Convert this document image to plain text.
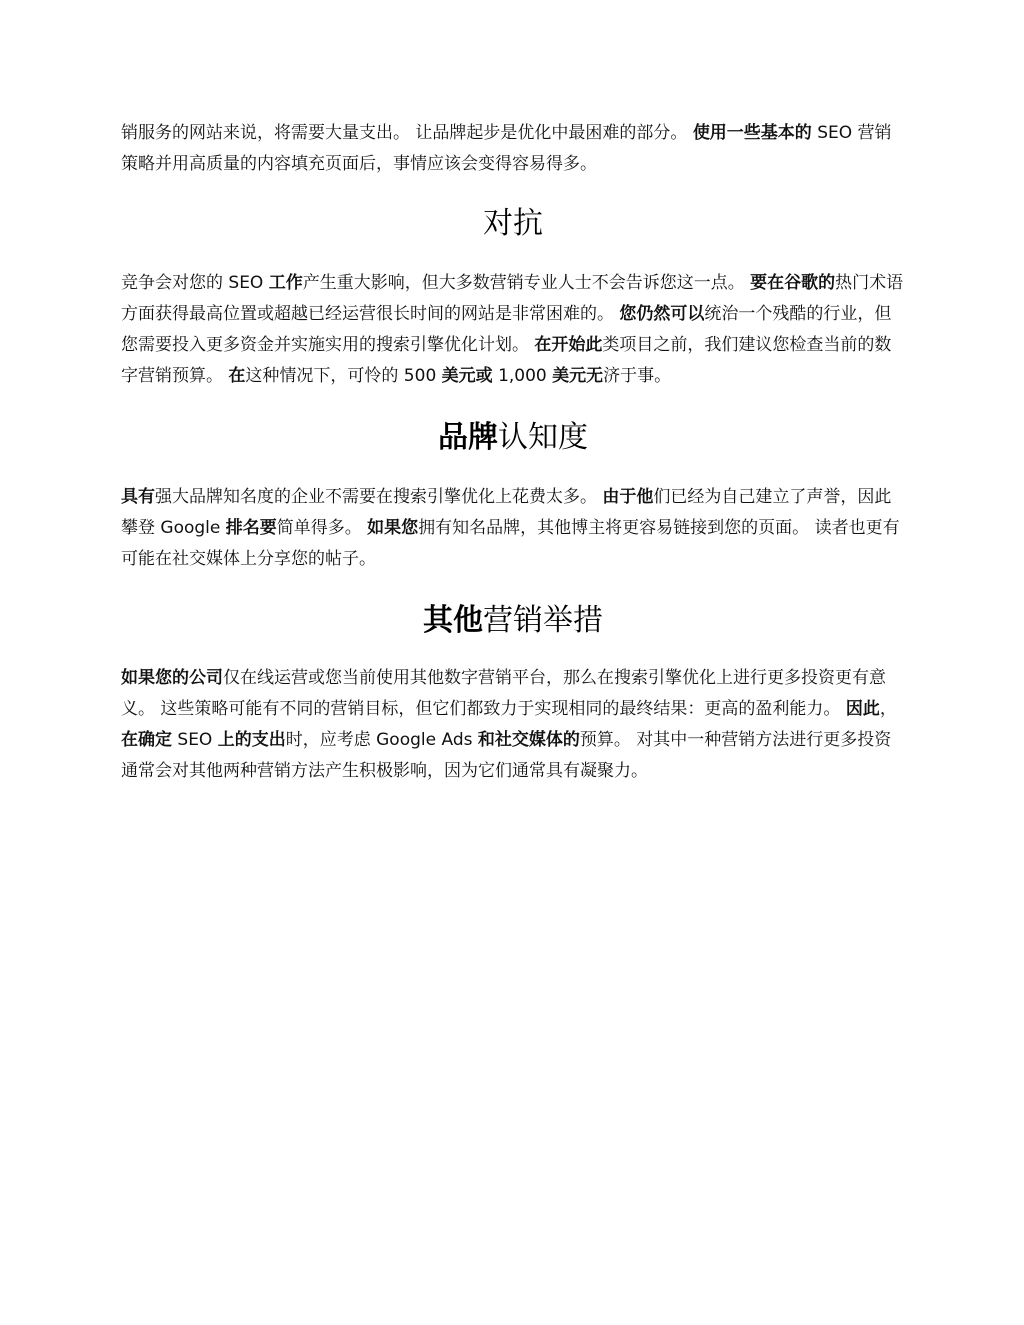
销服务的网站来说，将需要大量支出。 让品牌起步是优化中最困难的部分。 使用一些基本的 SEO 营销策略并用高质量的内容填充页面后，事情应该会变得容易得多。

对抗

竞争会对您的 SEO 工作产生重大影响，但大多数营销专业人士不会告诉您这一点。 要在谷歌的热门术语方面获得最高位置或超越已经运营很长时间的网站是非常困难的。 您仍然可以统治一个残酷的行业，但您需要投入更多资金并实施实用的搜索引擎优化计划。 在开始此类项目之前，我们建议您检查当前的数字营销预算。 在这种情况下，可怜的 500 美元或 1,000 美元无济于事。

品牌认知度

具有强大品牌知名度的企业不需要在搜索引擎优化上花费太多。 由于他们已经为自己建立了声誉，因此攀登 Google 排名要简单得多。 如果您拥有知名品牌，其他博主将更容易链接到您的页面。 读者也更有可能在社交媒体上分享您的帖子。

其他营销举措

如果您的公司仅在线运营或您当前使用其他数字营销平台，那么在搜索引擎优化上进行更多投资更有意义。 这些策略可能有不同的营销目标，但它们都致力于实现相同的最终结果：更高的盈利能力。 因此，在确定 SEO 上的支出时，应考虑 Google Ads 和社交媒体的预算。 对其中一种营销方法进行更多投资通常会对其他两种营销方法产生积极影响，因为它们通常具有凝聚力。
